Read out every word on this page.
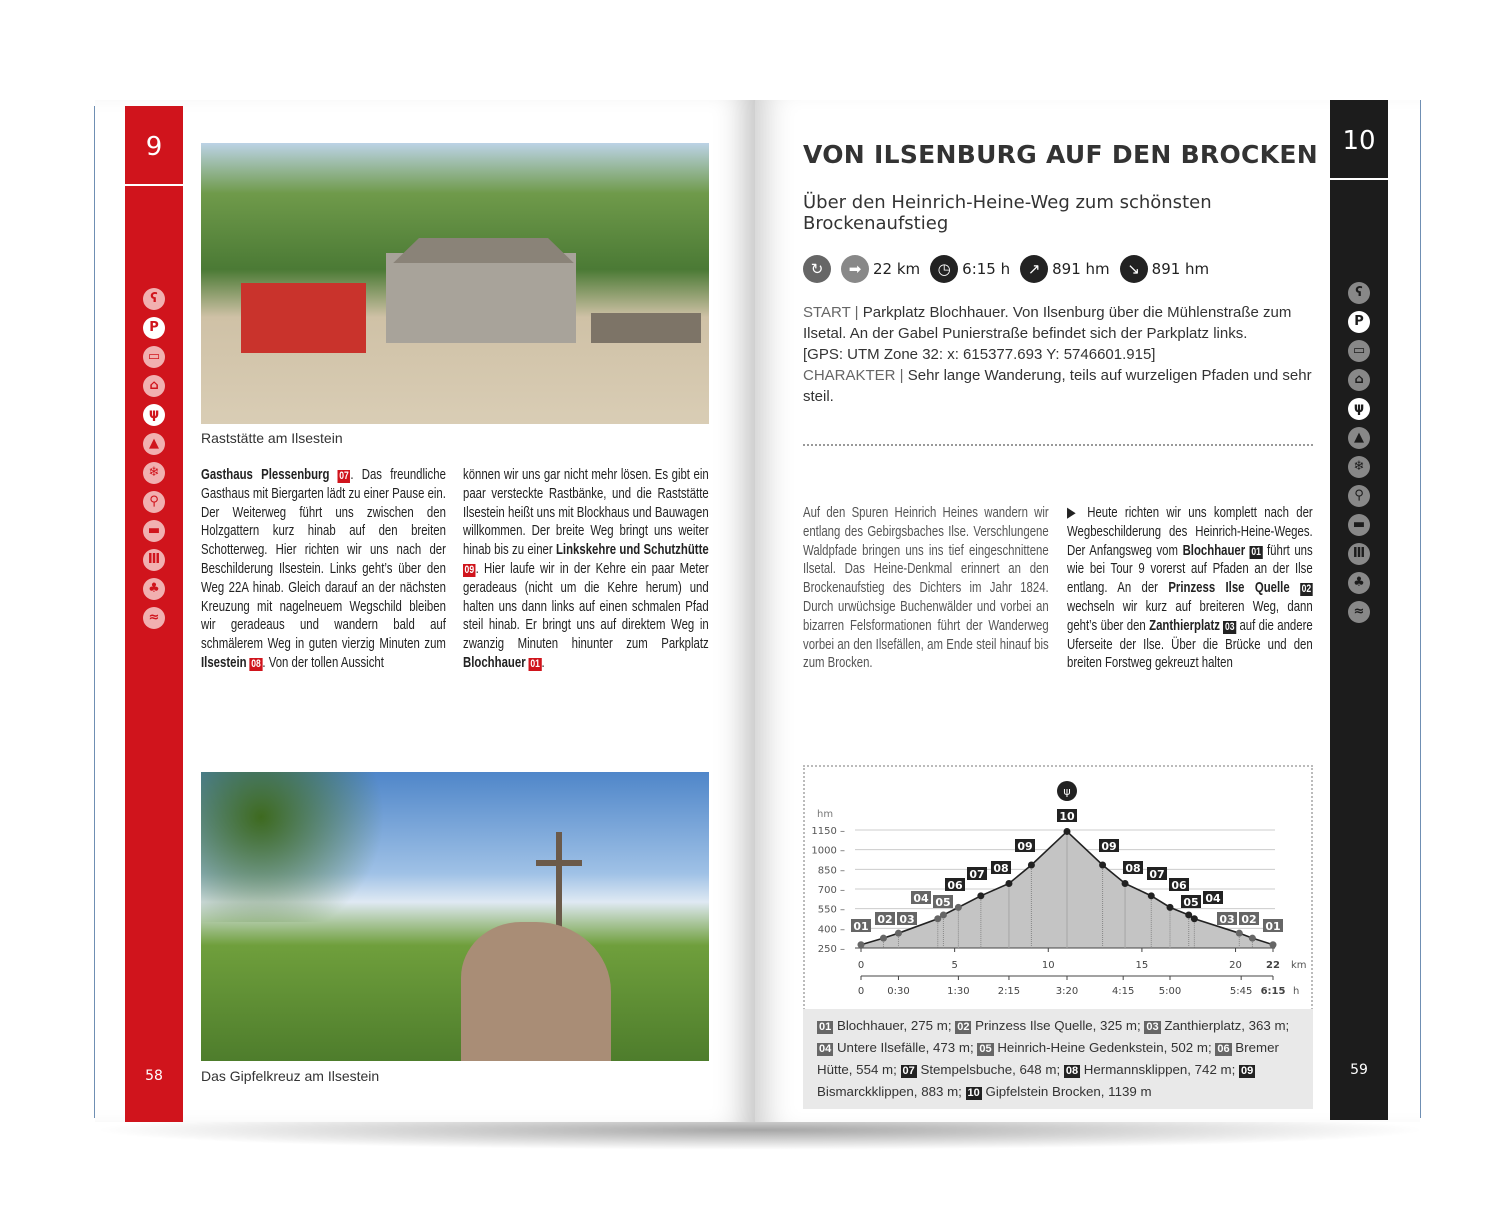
9
ʕ
P
▭
⌂
ψ
▲
❄
⚲
▬
Ⅲ
♣
≈
58
10
ʕ
P
▭
⌂
ψ
▲
❄
⚲
▬
Ⅲ
♣
≈
59
Raststätte am Ilsestein
Das Gipfelkreuz am Ilsestein
Gasthaus Plessenburg 07 . Das freundliche Gasthaus mit Biergarten lädt zu einer Pause ein. Der Weiterweg führt uns zwischen den Holzgattern kurz hinab auf den breiten Schotterweg. Hier richten wir uns nach der Beschilderung Ilsestein. Links geht’s über den Weg 22A hinab. Gleich darauf an der nächsten Kreuzung mit nagelneuem Wegschild bleiben wir geradeaus und wandern bald auf schmälerem Weg in guten vierzig Minuten zum Ilsestein 08 . Von der tollen Aussicht
können wir uns gar nicht mehr lösen. Es gibt ein paar versteckte Rastbänke, und die Raststätte Ilsestein heißt uns mit Blockhaus und Bauwagen willkommen. Der breite Weg bringt uns weiter hinab bis zu einer Linkskehre und Schutzhütte 09 . Hier laufe wir in der Kehre ein paar Meter geradeaus (nicht um die Kehre herum) und halten uns dann links auf einen schmalen Pfad steil hinab. Er bringt uns auf direktem Weg in zwanzig Minuten hinunter zum Parkplatz Blochhauer 01 .
VON ILSENBURG AUF DEN BROCKEN
Über den Heinrich-Heine-Weg zum schönsten Brockenaufstieg
↻	➡ 22 km	◷ 6:15 h	↗ 891 hm	↘ 891 hm
START | Parkplatz Blochhauer. Von Ilsenburg über die Mühlenstraße zum Ilsetal. An der Gabel Punierstraße befindet sich der Parkplatz links.
[GPS: UTM Zone 32: x: 615377.693 Y: 5746601.915]
CHARAKTER | Sehr lange Wanderung, teils auf wurzeligen Pfaden und sehr steil.
Auf den Spuren Heinrich Heines wandern wir entlang des Gebirgsbaches Ilse. Verschlungene Waldpfade bringen uns ins tief eingeschnittene Ilsetal. Das Heine-Denkmal erinnert an den Brockenaufstieg des Dichters im Jahr 1824. Durch urwüchsige Buchenwälder und vorbei an bizarren Felsformationen führt der Wanderweg vorbei an den Ilsefällen, am Ende steil hinauf bis zum Brocken.
▶ Heute richten wir uns komplett nach der Wegbeschilderung des Heinrich-Heine-Weges. Der Anfangsweg vom Blochhauer 01 führt uns wie bei Tour 9 vorerst auf Pfaden an der Ilse entlang. An der Prinzess Ilse Quelle 02 wechseln wir kurz auf breiteren Weg, dann geht’s über den Zanthierplatz 03 auf die andere Uferseite der Ilse. Über die Brücke und den breiten Forstweg gekreuzt halten
hm
250 –
400 –
550 –
700 –
850 –
1000 –
1150 –
01
02 03
04 05
06
07 08
09
10
09
08 07
06
05 04
03 02
01
ψ
0	5	10	15	20 22 km
0 0:30	1:30	2:15	3:20	4:15 5:00	5:45 6:15 h
01 Blochhauer, 275 m; 02 Prinzess Ilse Quelle, 325 m; 03 Zanthierplatz, 363 m; 04 Untere Ilsefälle, 473 m; 05 Heinrich-Heine Gedenkstein, 502 m; 06 Bremer Hütte, 554 m; 07 Stempelsbuche, 648 m; 08 Hermannsklippen, 742 m; 09 Bismarckklippen, 883 m; 10 Gipfelstein Brocken, 1139 m
